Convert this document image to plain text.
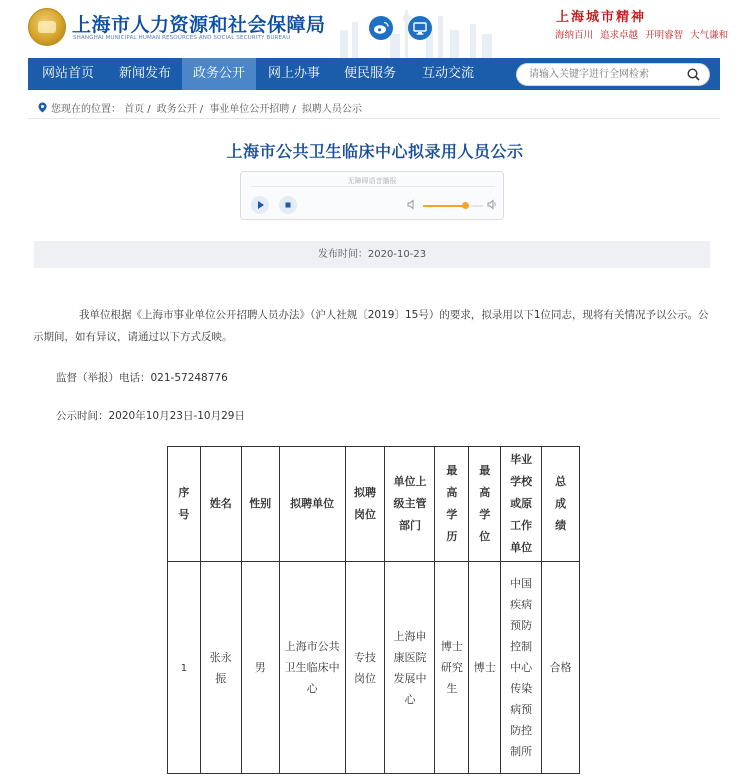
上海市人力资源和社会保障局
SHANGHAI MUNICIPAL HUMAN RESOURCES AND SOCIAL SECURITY BUREAU
上海城市精神
海纳百川 追求卓越 开明睿智 大气谦和
网站首页	新闻发布	政务公开	网上办事	便民服务	互动交流
请输入关键字进行全网检索
您现在的位置： 首页 / 政务公开 / 事业单位公开招聘 / 拟聘人员公示
上海市公共卫生临床中心拟录用人员公示
无障碍语音播报
发布时间：2020-10-23
我单位根据《上海市事业单位公开招聘人员办法》（沪人社规〔2019〕15号）的要求，拟录用以下1位同志，现将有关情况予以公示。公示期间，如有异议，请通过以下方式反映。
监督（举报）电话：021-57248776
公示时间：2020年10月23日-10月29日
序号	姓名	性别	拟聘单位	拟聘岗位	单位上级主管部门	最高学历	最高学位	毕业学校或原工作单位	总成绩
1	张永振	男	上海市公共卫生临床中心	专技岗位	上海申康医院发展中心	博士研究生	博士	中国疾病预防控制中心传染病预防控制所	合格
